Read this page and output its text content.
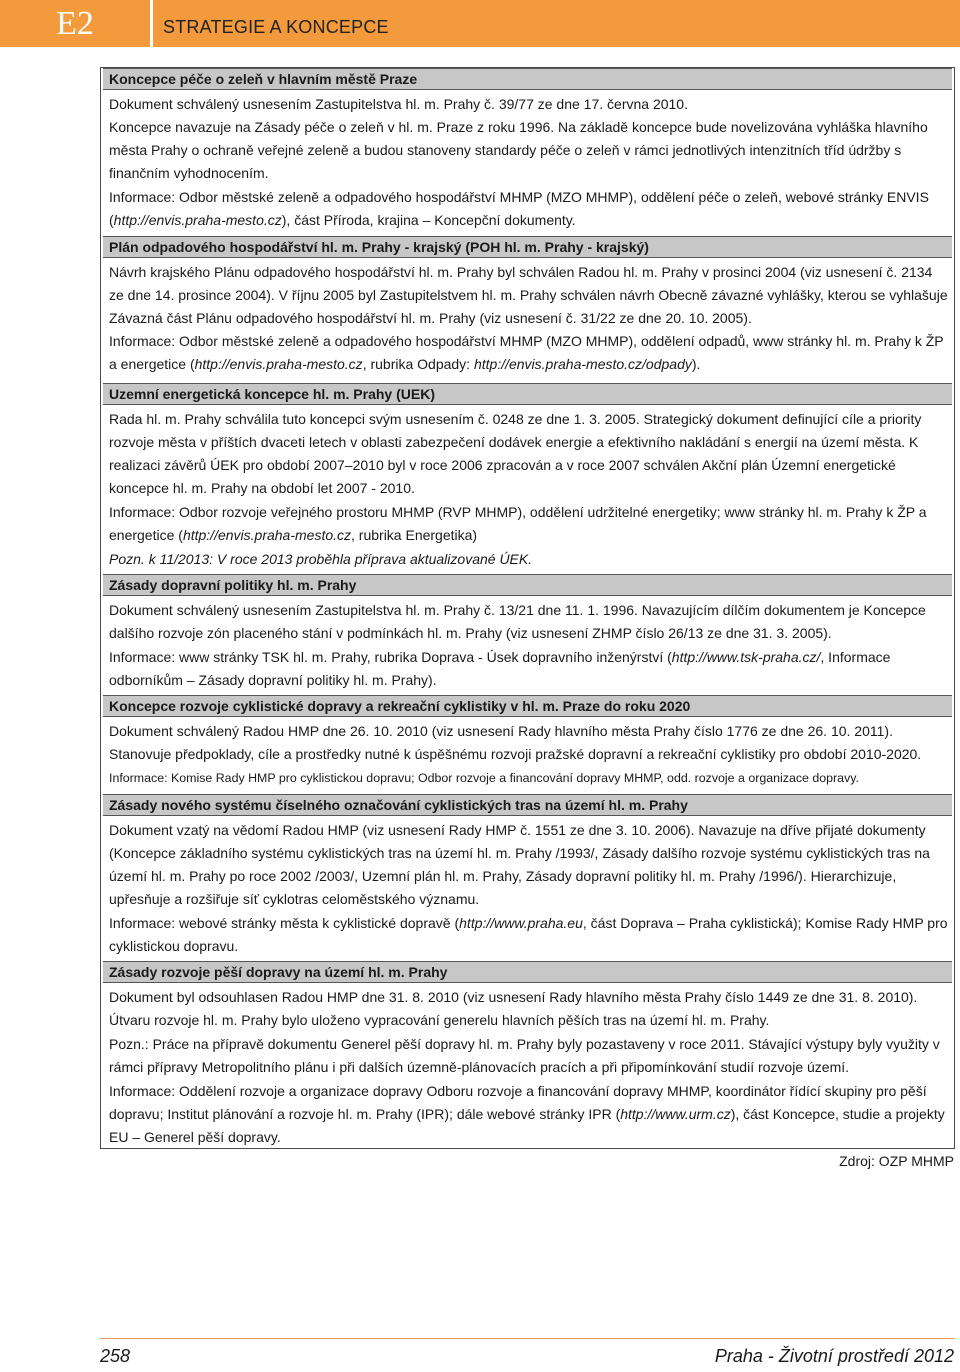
E2	STRATEGIE A KONCEPCE
Koncepce péče o zeleň v hlavním městě Praze

Dokument schválený usnesením Zastupitelstva hl. m. Prahy č. 39/77 ze dne 17. června 2010.

Koncepce navazuje na Zásady péče o zeleň v hl. m. Praze z roku 1996. Na základě koncepce bude novelizována vyhláška hlavního města Prahy o ochraně veřejné zeleně a budou stanoveny standardy péče o zeleň v rámci jednotlivých intenzitních tříd údržby s finančním vyhodnocením.

Informace: Odbor městské zeleně a odpadového hospodářství MHMP (MZO MHMP), oddělení péče o zeleň, webové stránky ENVIS (http://envis.praha-mesto.cz), část Příroda, krajina – Koncepční dokumenty.

Plán odpadového hospodářství hl. m. Prahy - krajský (POH hl. m. Prahy - krajský)

Návrh krajského Plánu odpadového hospodářství hl. m. Prahy byl schválen Radou hl. m. Prahy v prosinci 2004 (viz usnesení č. 2134 ze dne 14. prosince 2004). V říjnu 2005 byl Zastupitelstvem hl. m. Prahy schválen návrh Obecně závazné vyhlášky, kterou se vyhlašuje Závazná část Plánu odpadového hospodářství hl. m. Prahy (viz usnesení č. 31/22 ze dne 20. 10. 2005).

Informace: Odbor městské zeleně a odpadového hospodářství MHMP (MZO MHMP), oddělení odpadů, www stránky hl. m. Prahy k ŽP a energetice (http://envis.praha-mesto.cz, rubrika Odpady: http://envis.praha-mesto.cz/odpady).

Uzemní energetická koncepce hl. m. Prahy (UEK)

Rada hl. m. Prahy schválila tuto koncepci svým usnesením č. 0248 ze dne 1. 3. 2005. Strategický dokument definující cíle a priority rozvoje města v příštích dvaceti letech v oblasti zabezpečení dodávek energie a efektivního nakládání s energií na území města. K realizaci závěrů ÚEK pro období 2007–2010 byl v roce 2006 zpracován a v roce 2007 schválen Akční plán Územní energetické koncepce hl. m. Prahy na období let 2007 - 2010.

Informace: Odbor rozvoje veřejného prostoru MHMP (RVP MHMP), oddělení udržitelné energetiky; www stránky hl. m. Prahy k ŽP a energetice (http://envis.praha-mesto.cz, rubrika Energetika)

Pozn. k 11/2013: V roce 2013 proběhla příprava aktualizované ÚEK.

Zásady dopravní politiky hl. m. Prahy

Dokument schválený usnesením Zastupitelstva hl. m. Prahy č. 13/21 dne 11. 1. 1996. Navazujícím dílčím dokumentem je Koncepce dalšího rozvoje zón placeného stání v podmínkách hl. m. Prahy (viz usnesení ZHMP číslo 26/13 ze dne 31. 3. 2005).

Informace: www stránky TSK hl. m. Prahy, rubrika Doprava - Úsek dopravního inženýrství (http://www.tsk-praha.cz/, Informace odborníkům – Zásady dopravní politiky hl. m. Prahy).

Koncepce rozvoje cyklistické dopravy a rekreační cyklistiky v hl. m. Praze do roku 2020

Dokument schválený Radou HMP dne 26. 10. 2010 (viz usnesení Rady hlavního města Prahy číslo 1776 ze dne 26. 10. 2011). Stanovuje předpoklady, cíle a prostředky nutné k úspěšnému rozvoji pražské dopravní a rekreační cyklistiky pro období 2010-2020.

Informace: Komise Rady HMP pro cyklistickou dopravu; Odbor rozvoje a financování dopravy MHMP, odd. rozvoje a organizace dopravy.

Zásady nového systému číselného označování cyklistických tras na území hl. m. Prahy

Dokument vzatý na vědomí Radou HMP (viz usnesení Rady HMP č. 1551 ze dne 3. 10. 2006). Navazuje na dříve přijaté dokumenty (Koncepce základního systému cyklistických tras na území hl. m. Prahy /1993/, Zásady dalšího rozvoje systému cyklistických tras na území hl. m. Prahy po roce 2002 /2003/, Uzemní plán hl. m. Prahy, Zásady dopravní politiky hl. m. Prahy /1996/). Hierarchizuje, upřesňuje a rozšiřuje síť cyklotras celoměstského významu.

Informace: webové stránky města k cyklistické dopravě (http://www.praha.eu, část Doprava – Praha cyklistická); Komise Rady HMP pro cyklistickou dopravu.

Zásady rozvoje pěší dopravy na území hl. m. Prahy

Dokument byl odsouhlasen Radou HMP dne 31. 8. 2010 (viz usnesení Rady hlavního města Prahy číslo 1449 ze dne 31. 8. 2010). Útvaru rozvoje hl. m. Prahy bylo uloženo vypracování generelu hlavních pěších tras na území hl. m. Prahy.

Pozn.: Práce na přípravě dokumentu Generel pěší dopravy hl. m. Prahy byly pozastaveny v roce 2011. Stávající výstupy byly využity v rámci přípravy Metropolitního plánu i při dalších územně-plánovacích pracích a při připomínkování studií rozvoje území.

Informace: Oddělení rozvoje a organizace dopravy Odboru rozvoje a financování dopravy MHMP, koordinátor řídící skupiny pro pěší dopravu; Institut plánování a rozvoje hl. m. Prahy (IPR); dále webové stránky IPR (http://www.urm.cz), část Koncepce, studie a projekty EU – Generel pěší dopravy.

Zdroj: OZP MHMP
258	Praha - Životní prostředí 2012
